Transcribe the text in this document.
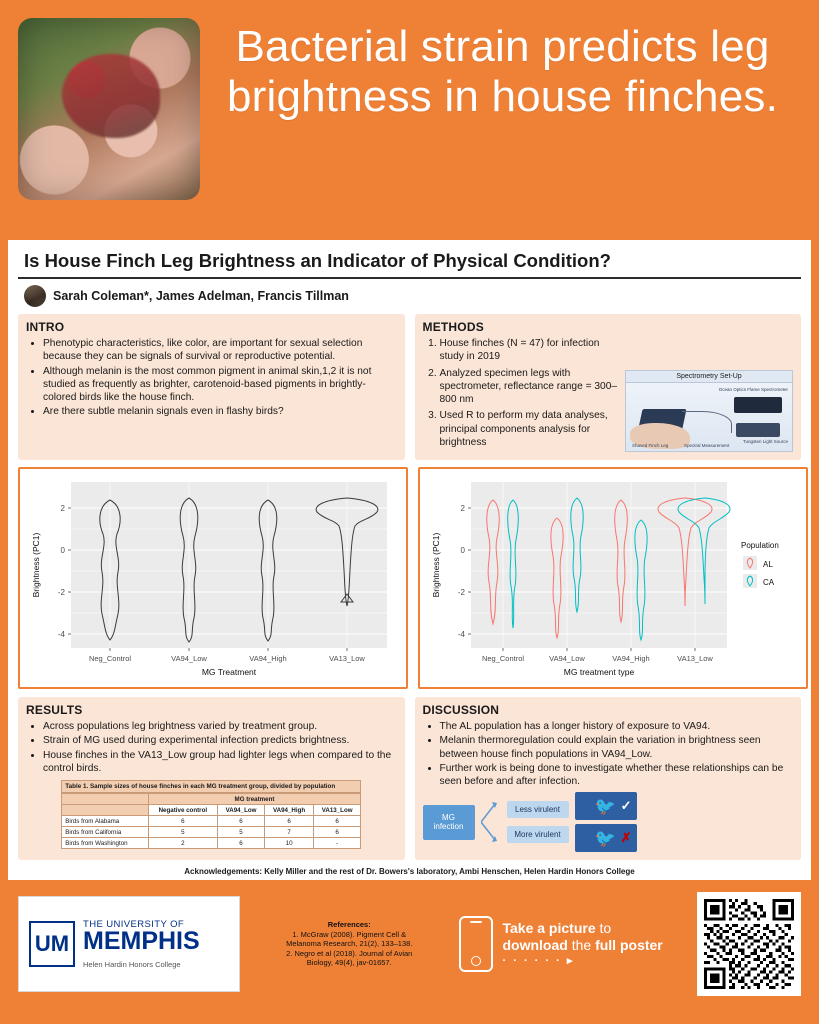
Bacterial strain predicts leg brightness in house finches.
Is House Finch Leg Brightness an Indicator of Physical Condition?
Sarah Coleman*, James Adelman, Francis Tillman
INTRO
• Phenotypic characteristics, like color, are important for sexual selection because they can be signals of survival or reproductive potential.
• Although melanin is the most common pigment in animal skin,1,2 it is not studied as frequently as brighter, carotenoid-based pigments in brightly-colored birds like the house finch.
• Are there subtle melanin signals even in flashy birds?
METHODS
1. House finches (N = 47) for infection study in 2019
2. Analyzed specimen legs with spectrometer, reflectance range = 300–800 nm
3. Used R to perform my data analyses, principal components analysis for brightness
Spectrometry Set-Up
Shaved Finch Leg
Ocean Optics Flame Spectrometer
Tungsten Light Source
Spectral Measurement
-4
-2
0
2
Neg_Control	VA94_Low	VA94_High	VA13_Low
MG Treatment
Brightness (PC1)
-4
-2
0
2
Neg_Control	VA94_Low	VA94_High	VA13_Low
MG treatment type
Brightness (PC1)	Population
AL
CA
RESULTS
• Across populations leg brightness varied by treatment group.
• Strain of MG used during experimental infection predicts brightness.
• House finches in the VA13_Low group had lighter legs when compared to the control birds.
Table 1. Sample sizes of house finches in each MG treatment group, divided by population
	MG treatment			
	Negative control	VA94_Low	VA94_High	VA13_Low
Birds from Alabama	6	6	6	6
Birds from California	5	5	7	6
Birds from Washington	2	6	10	-
DISCUSSION
• The AL population has a longer history of exposure to VA94.
• Melanin thermoregulation could explain the variation in brightness seen between house finch populations in VA94_Low.
• Further work is being done to investigate whether these relationships can be seen before and after infection.
MG infection
Less virulent
More virulent
🐦 ✓
🐦 ✗
Acknowledgements: Kelly Miller and the rest of Dr. Bowers's laboratory, Ambi Henschen, Helen Hardin Honors College
UM
THE UNIVERSITY OF
MEMPHIS
Helen Hardin Honors College
References:
1. McGraw (2008). Pigment Cell & Melanoma Research, 21(2), 133–138.
2. Negro et al (2018). Journal of Avian Biology, 49(4), jav-01657.
Take a picture to
download the full poster
· · · · · · ▸
